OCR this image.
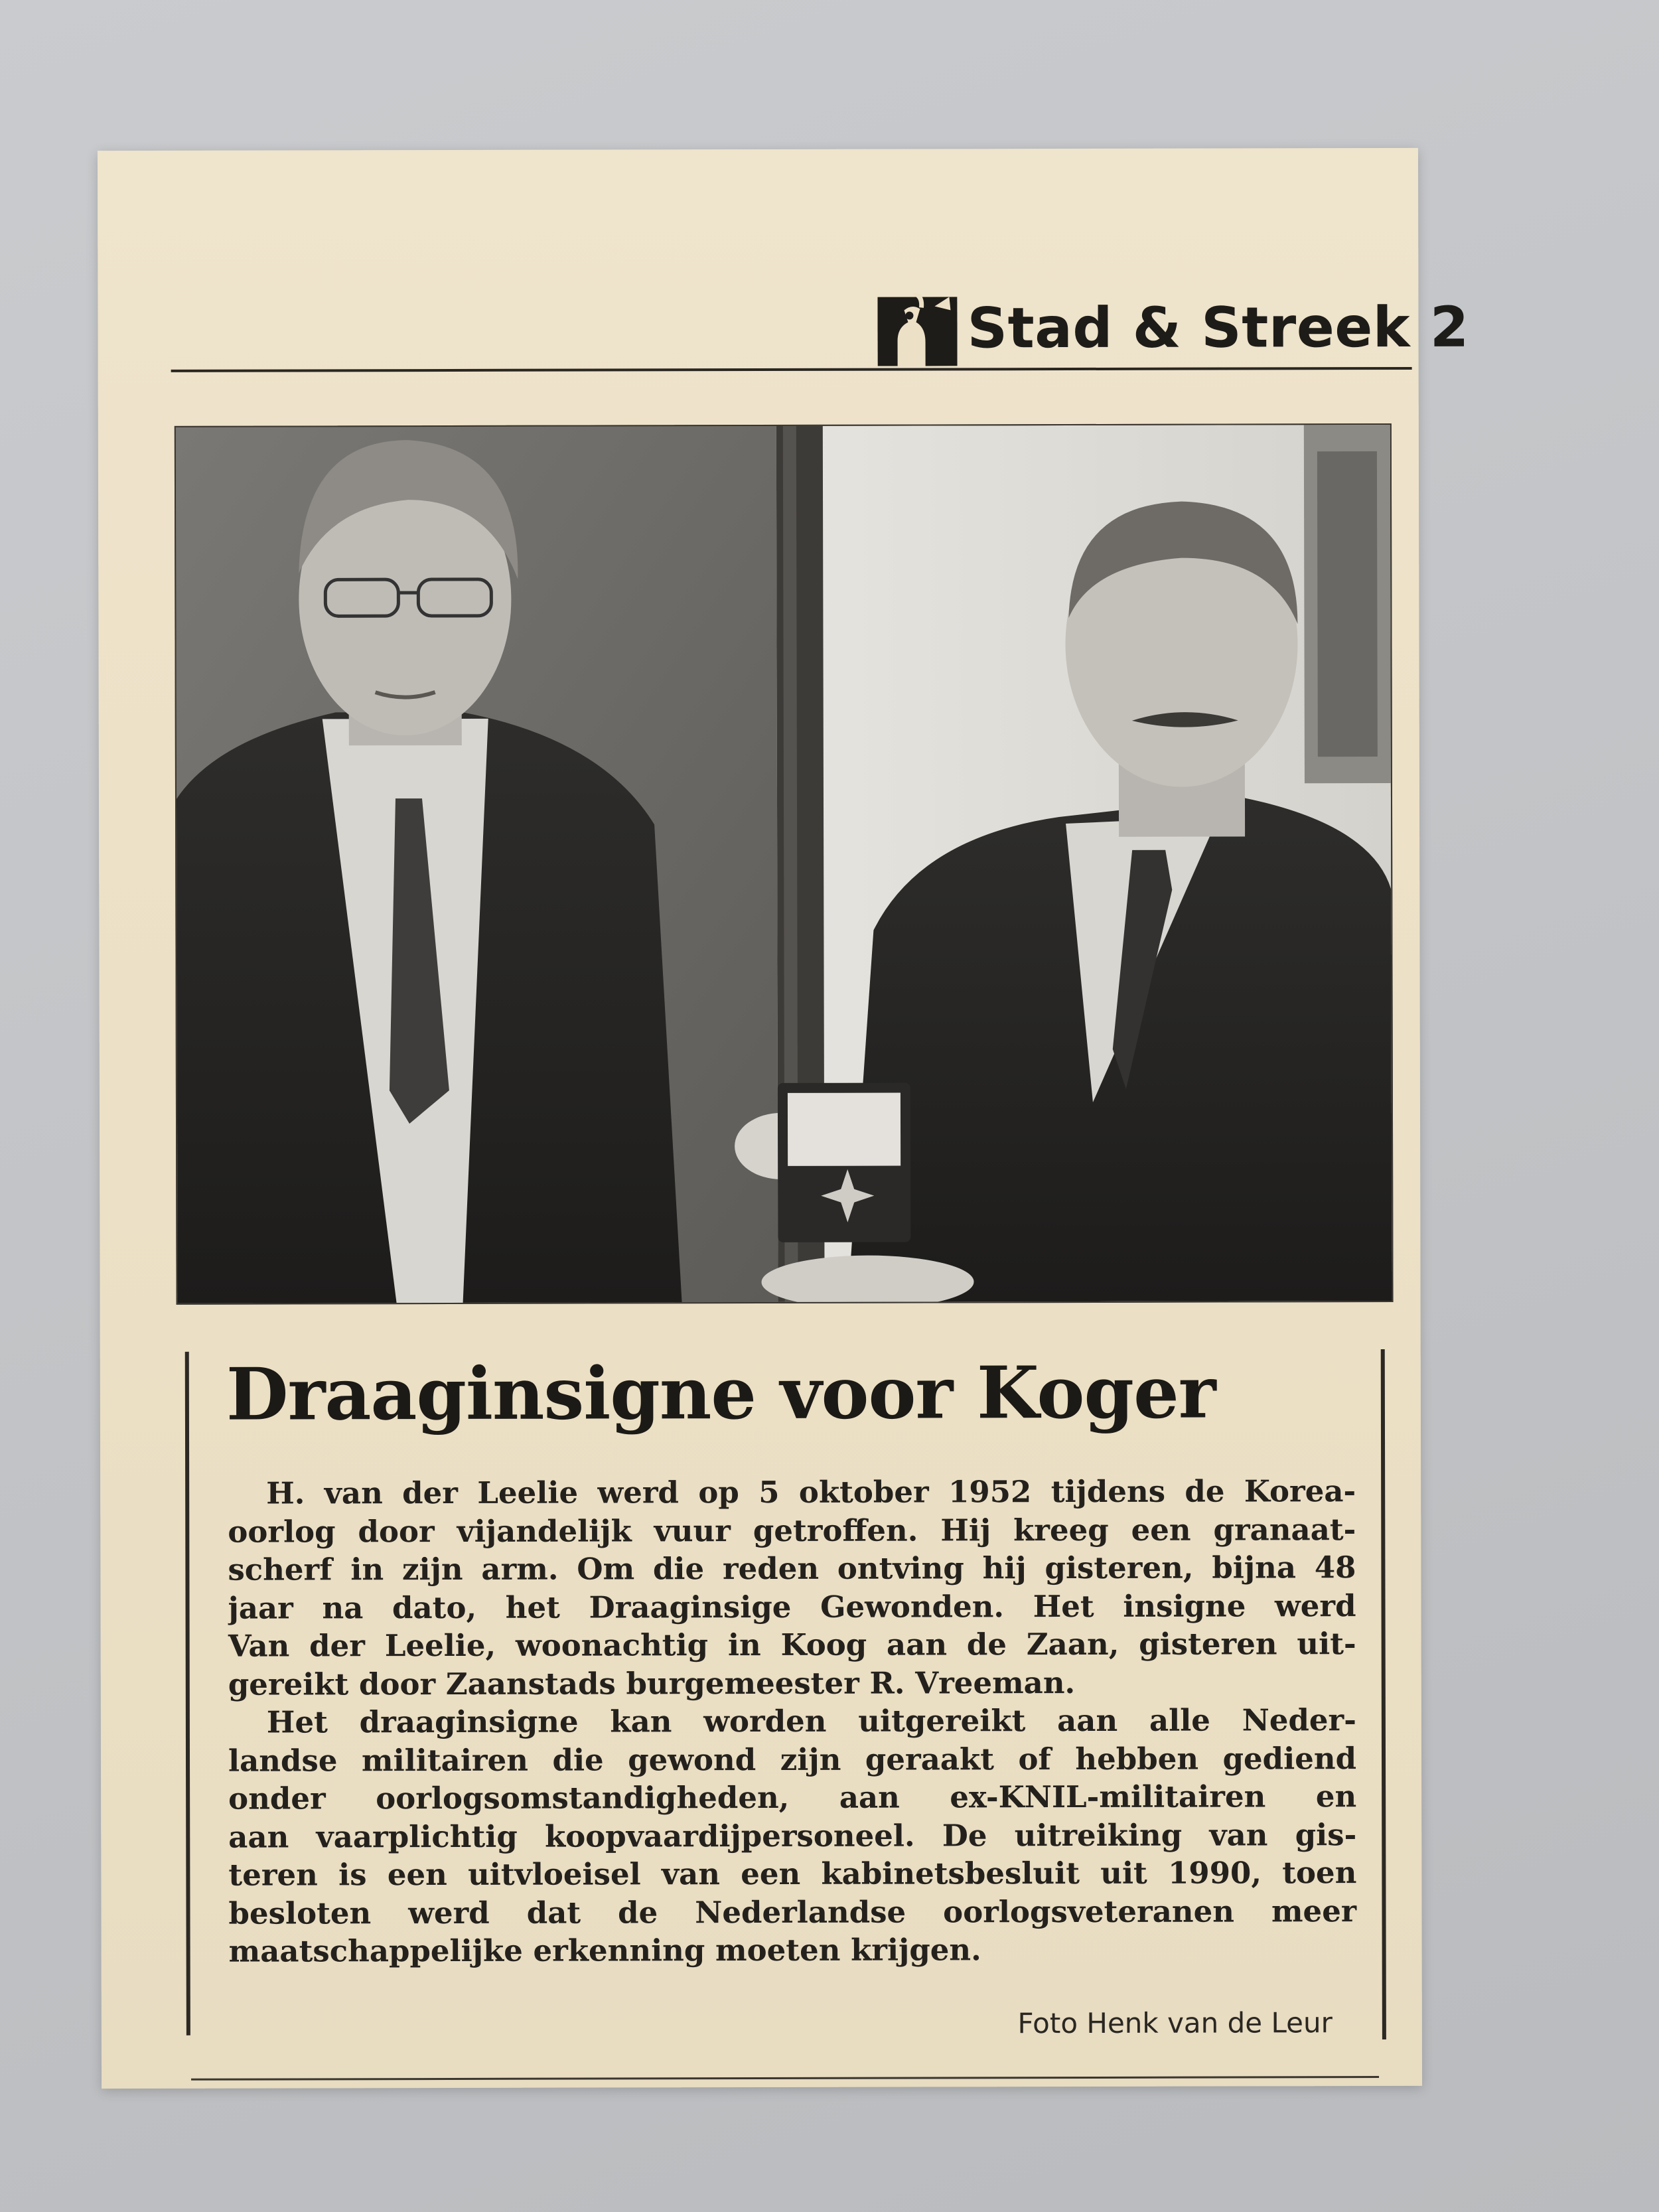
Stad & Streek 2
Draaginsigne voor Koger
H. van der Leelie werd op 5 oktober 1952 tijdens de Korea-
oorlog door vijandelijk vuur getroffen. Hij kreeg een granaat-
scherf in zijn arm. Om die reden ontving hij gisteren, bijna 48
jaar na dato, het Draaginsige Gewonden. Het insigne werd
Van der Leelie, woonachtig in Koog aan de Zaan, gisteren uit-
gereikt door Zaanstads burgemeester R. Vreeman.
Het draaginsigne kan worden uitgereikt aan alle Neder-
landse militairen die gewond zijn geraakt of hebben gediend
onder oorlogsomstandigheden, aan ex-KNIL-militairen en
aan vaarplichtig koopvaardijpersoneel. De uitreiking van gis-
teren is een uitvloeisel van een kabinetsbesluit uit 1990, toen
besloten werd dat de Nederlandse oorlogsveteranen meer
maatschappelijke erkenning moeten krijgen.
Foto Henk van de Leur
